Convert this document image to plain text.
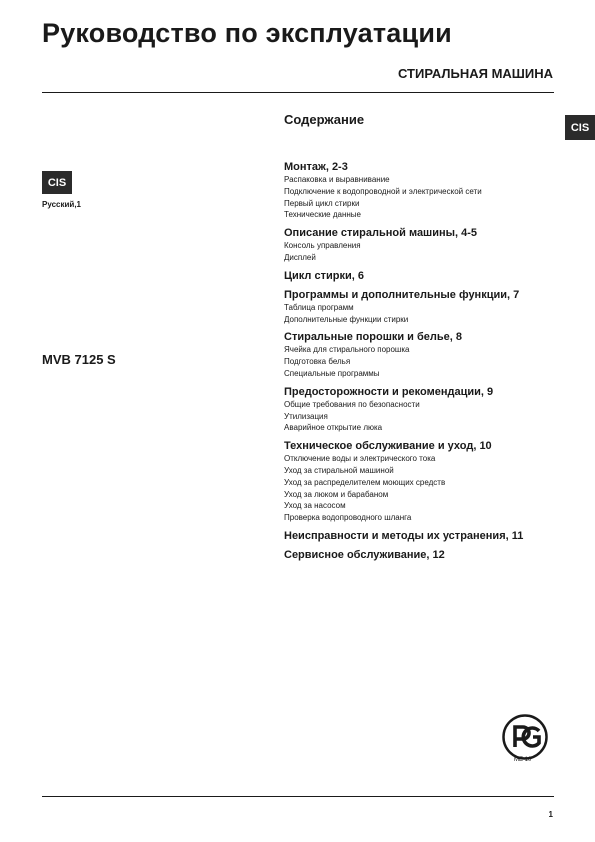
Руководство по эксплуатации
СТИРАЛЬНАЯ МАШИНА
CIS
CIS
Русский,1
MVB 7125 S
Содержание
Монтаж, 2-3
Распаковка и выравнивание
Подключение к водопроводной и электрической сети
Первый цикл стирки
Технические данные
Описание стиральной машины, 4-5
Консоль управления
Дисплей
Цикл стирки, 6
Программы и дополнительные функции, 7
Таблица программ
Дополнительные функции стирки
Стиральные порошки и белье, 8
Ячейка для стирального порошка
Подготовка белья
Специальные программы
Предосторожности и рекомендации, 9
Общие требования по безопасности
Утилизация
Аварийное открытие люка
Техническое обслуживание и уход, 10
Отключение воды и электрического тока
Уход за стиральной машиной
Уход за распределителем моющих средств
Уход за люком и барабаном
Уход за насосом
Проверка водопроводного шланга
Неисправности и методы их устранения, 11
Сервисное обслуживание, 12
ME 10
1
